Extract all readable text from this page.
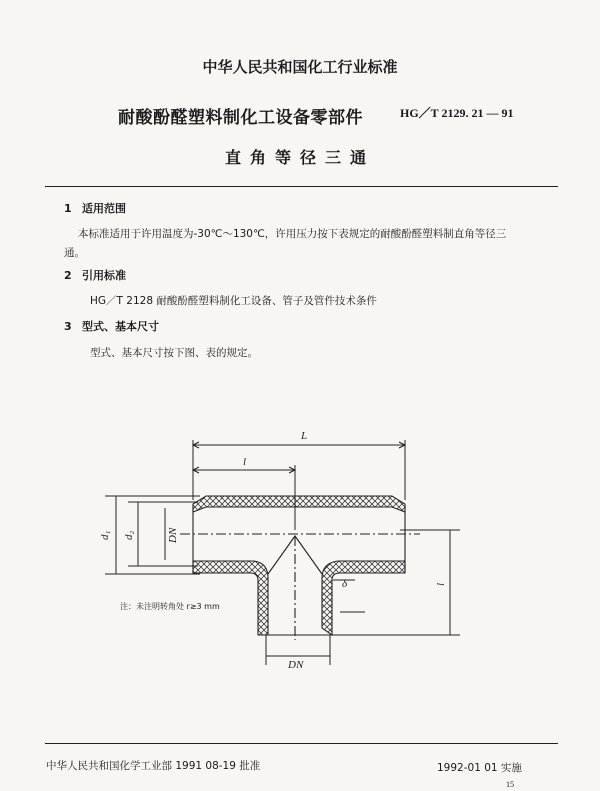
中华人民共和国化工行业标准
耐酸酚醛塑料制化工设备零部件	HG／T 2129. 21 — 91
直角等径三通
1 适用范围
本标准适用于许用温度为-30℃～130℃，许用压力按下表规定的耐酸酚醛塑料制直角等径三
通。
2 引用标准
HG／T 2128 耐酸酚醛塑料制化工设备、管子及管件技术条件
3 型式、基本尺寸
型式、基本尺寸按下图、表的规定。
L
l
d₁ d₂	DN
δ	l
DN
注：未注明转角处 r≥3 mm
中华人民共和国化学工业部 1991 08-19 批准	1992-01 01 实施
15
